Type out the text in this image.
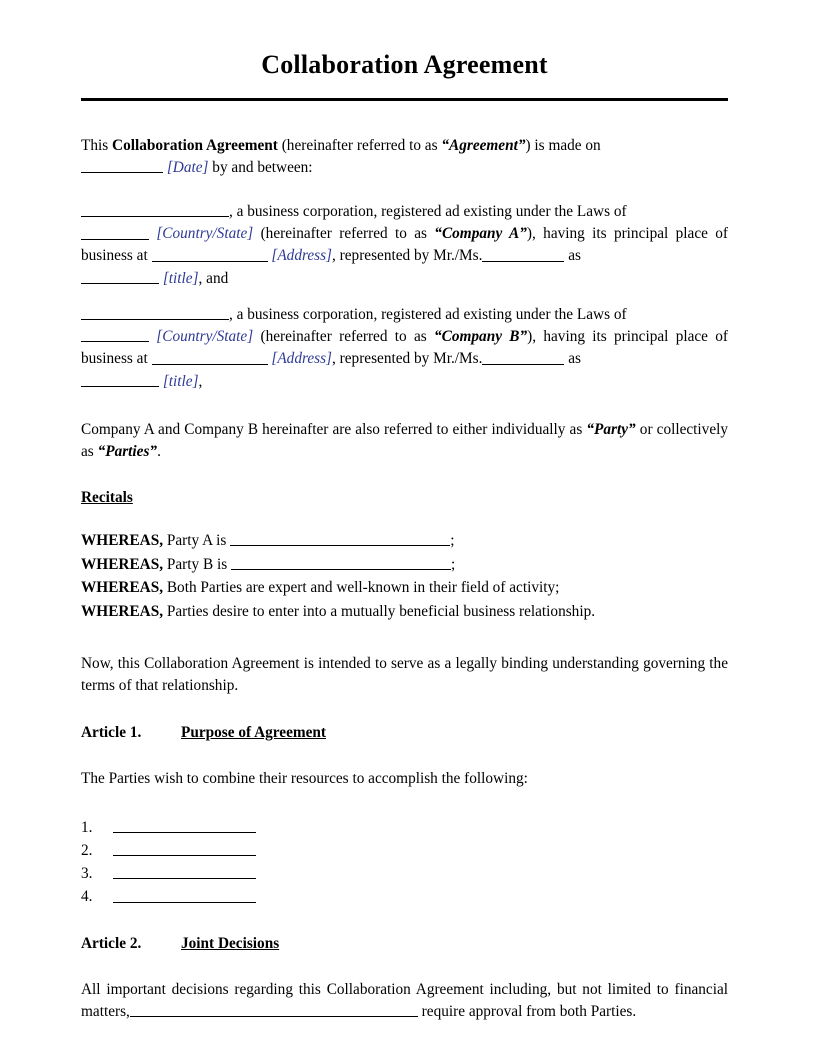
Collaboration Agreement

This Collaboration Agreement (hereinafter referred to as “Agreement”) is made on
[Date] by and between:

, a business corporation, registered ad existing under the Laws of
[Country/State] (hereinafter referred to as “Company A”), having its principal place of business at	[Address], represented by Mr./Ms.	as
[title], and

, a business corporation, registered ad existing under the Laws of
[Country/State] (hereinafter referred to as “Company B”), having its principal place of business at	[Address], represented by Mr./Ms.	as
[title],

Company A and Company B hereinafter are also referred to either individually as “Party” or collectively as “Parties”.

Recitals
WHEREAS, Party A is	;
WHEREAS, Party B is	;
WHEREAS, Both Parties are expert and well-known in their field of activity;
WHEREAS, Parties desire to enter into a mutually beneficial business relationship.

Now, this Collaboration Agreement is intended to serve as a legally binding understanding governing the terms of that relationship.

Article 1.	Purpose of Agreement

The Parties wish to combine their resources to accomplish the following:

1.
2.
3.
4.
Article 2.	Joint Decisions

All important decisions regarding this Collaboration Agreement including, but not limited to financial matters,	require approval from both Parties.
